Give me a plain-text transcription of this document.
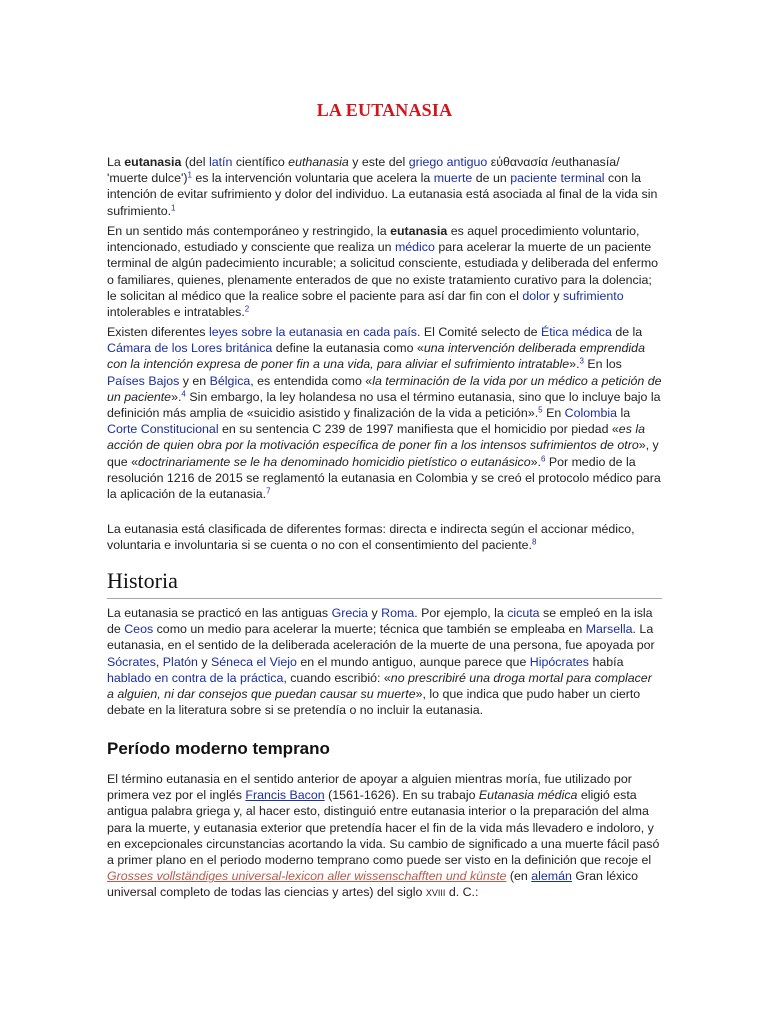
LA EUTANASIA

La eutanasia (del latín científico euthanasia y este del griego antiguo εὐθανασία /euthanasía/ 'muerte dulce')$^1$ es la intervención voluntaria que acelera la muerte de un paciente terminal con la intención de evitar sufrimiento y dolor del individuo. La eutanasia está asociada al final de la vida sin sufrimiento.$^1$

En un sentido más contemporáneo y restringido, la eutanasia es aquel procedimiento voluntario, intencionado, estudiado y consciente que realiza un médico para acelerar la muerte de un paciente terminal de algún padecimiento incurable; a solicitud consciente, estudiada y deliberada del enfermo o familiares, quienes, plenamente enterados de que no existe tratamiento curativo para la dolencia; le solicitan al médico que la realice sobre el paciente para así dar fin con el dolor y sufrimiento intolerables e intratables.$^2$

Existen diferentes leyes sobre la eutanasia en cada país. El Comité selecto de Ética médica de la Cámara de los Lores británica define la eutanasia como «una intervención deliberada emprendida con la intención expresa de poner fin a una vida, para aliviar el sufrimiento intratable».$^3$ En los Países Bajos y en Bélgica, es entendida como «la terminación de la vida por un médico a petición de un paciente».$^4$ Sin embargo, la ley holandesa no usa el término eutanasia, sino que lo incluye bajo la definición más amplia de «suicidio asistido y finalización de la vida a petición».$^5$ En Colombia la Corte Constitucional en su sentencia C 239 de 1997 manifiesta que el homicidio por piedad «es la acción de quien obra por la motivación específica de poner fin a los intensos sufrimientos de otro», y que «doctrinariamente se le ha denominado homicidio pietístico o eutanásico».$^6$ Por medio de la resolución 1216 de 2015 se reglamentó la eutanasia en Colombia y se creó el protocolo médico para la aplicación de la eutanasia.$^7$

La eutanasia está clasificada de diferentes formas: directa e indirecta según el accionar médico, voluntaria e involuntaria si se cuenta o no con el consentimiento del paciente.$^8$

Historia

La eutanasia se practicó en las antiguas Grecia y Roma. Por ejemplo, la cicuta se empleó en la isla de Ceos como un medio para acelerar la muerte; técnica que también se empleaba en Marsella. La eutanasia, en el sentido de la deliberada aceleración de la muerte de una persona, fue apoyada por Sócrates, Platón y Séneca el Viejo en el mundo antiguo, aunque parece que Hipócrates había hablado en contra de la práctica, cuando escribió: «no prescribiré una droga mortal para complacer a alguien, ni dar consejos que puedan causar su muerte», lo que indica que pudo haber un cierto debate en la literatura sobre si se pretendía o no incluir la eutanasia.

Período moderno temprano

El término eutanasia en el sentido anterior de apoyar a alguien mientras moría, fue utilizado por primera vez por el inglés Francis Bacon (1561-1626). En su trabajo Eutanasia médica eligió esta antigua palabra griega y, al hacer esto, distinguió entre eutanasia interior o la preparación del alma para la muerte, y eutanasia exterior que pretendía hacer el fin de la vida más llevadero e indoloro, y en excepcionales circunstancias acortando la vida. Su cambio de significado a una muerte fácil pasó a primer plano en el periodo moderno temprano como puede ser visto en la definición que recoje el Grosses vollständiges universal-lexicon aller wissenschafften und künste (en alemán Gran léxico universal completo de todas las ciencias y artes) del siglo xviii d. C.:
